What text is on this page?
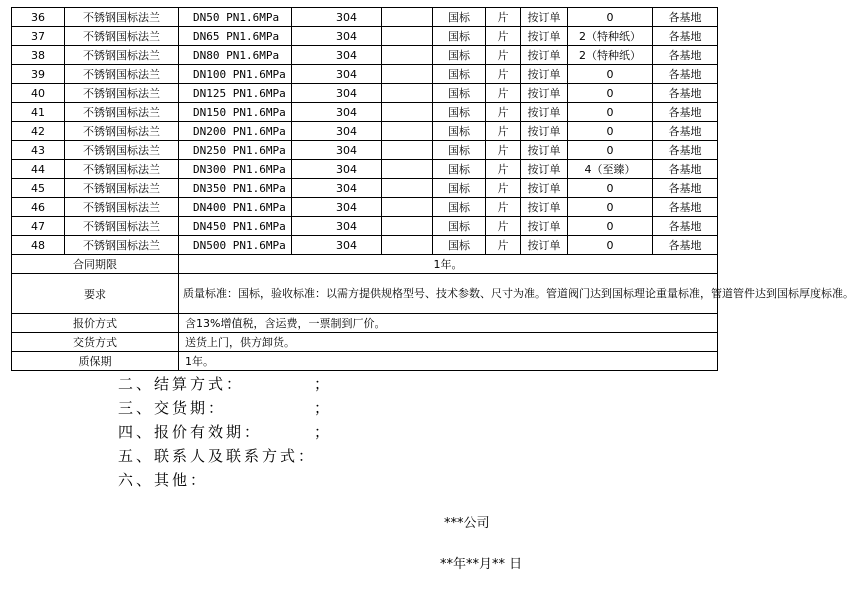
36	不锈钢国标法兰	DN50 PN1.6MPa	304		国标	片	按订单	0	各基地
37	不锈钢国标法兰	DN65 PN1.6MPa	304		国标	片	按订单	2（特种纸）	各基地
38	不锈钢国标法兰	DN80 PN1.6MPa	304		国标	片	按订单	2（特种纸）	各基地
39	不锈钢国标法兰	DN100 PN1.6MPa	304		国标	片	按订单	0	各基地
40	不锈钢国标法兰	DN125 PN1.6MPa	304		国标	片	按订单	0	各基地
41	不锈钢国标法兰	DN150 PN1.6MPa	304		国标	片	按订单	0	各基地
42	不锈钢国标法兰	DN200 PN1.6MPa	304		国标	片	按订单	0	各基地
43	不锈钢国标法兰	DN250 PN1.6MPa	304		国标	片	按订单	0	各基地
44	不锈钢国标法兰	DN300 PN1.6MPa	304		国标	片	按订单	4（至臻）	各基地
45	不锈钢国标法兰	DN350 PN1.6MPa	304		国标	片	按订单	0	各基地
46	不锈钢国标法兰	DN400 PN1.6MPa	304		国标	片	按订单	0	各基地
47	不锈钢国标法兰	DN450 PN1.6MPa	304		国标	片	按订单	0	各基地
48	不锈钢国标法兰	DN500 PN1.6MPa	304		国标	片	按订单	0	各基地
合同期限		1年。							
要求		质量标准：国标，验收标准：以需方提供规格型号、技术参数、尺寸为准。管道阀门达到国标理论重量标准，管道管件达到国标厚度标准。							
报价方式		含13%增值税，含运费，一票制到厂价。							
交货方式		送货上门，供方卸货。							
质保期		1年。							
二、结算方式：	；
三、交货期：	；
四、报价有效期：	；
五、联系人及联系方式：
六、其他：
***公司
**年**月** 日
